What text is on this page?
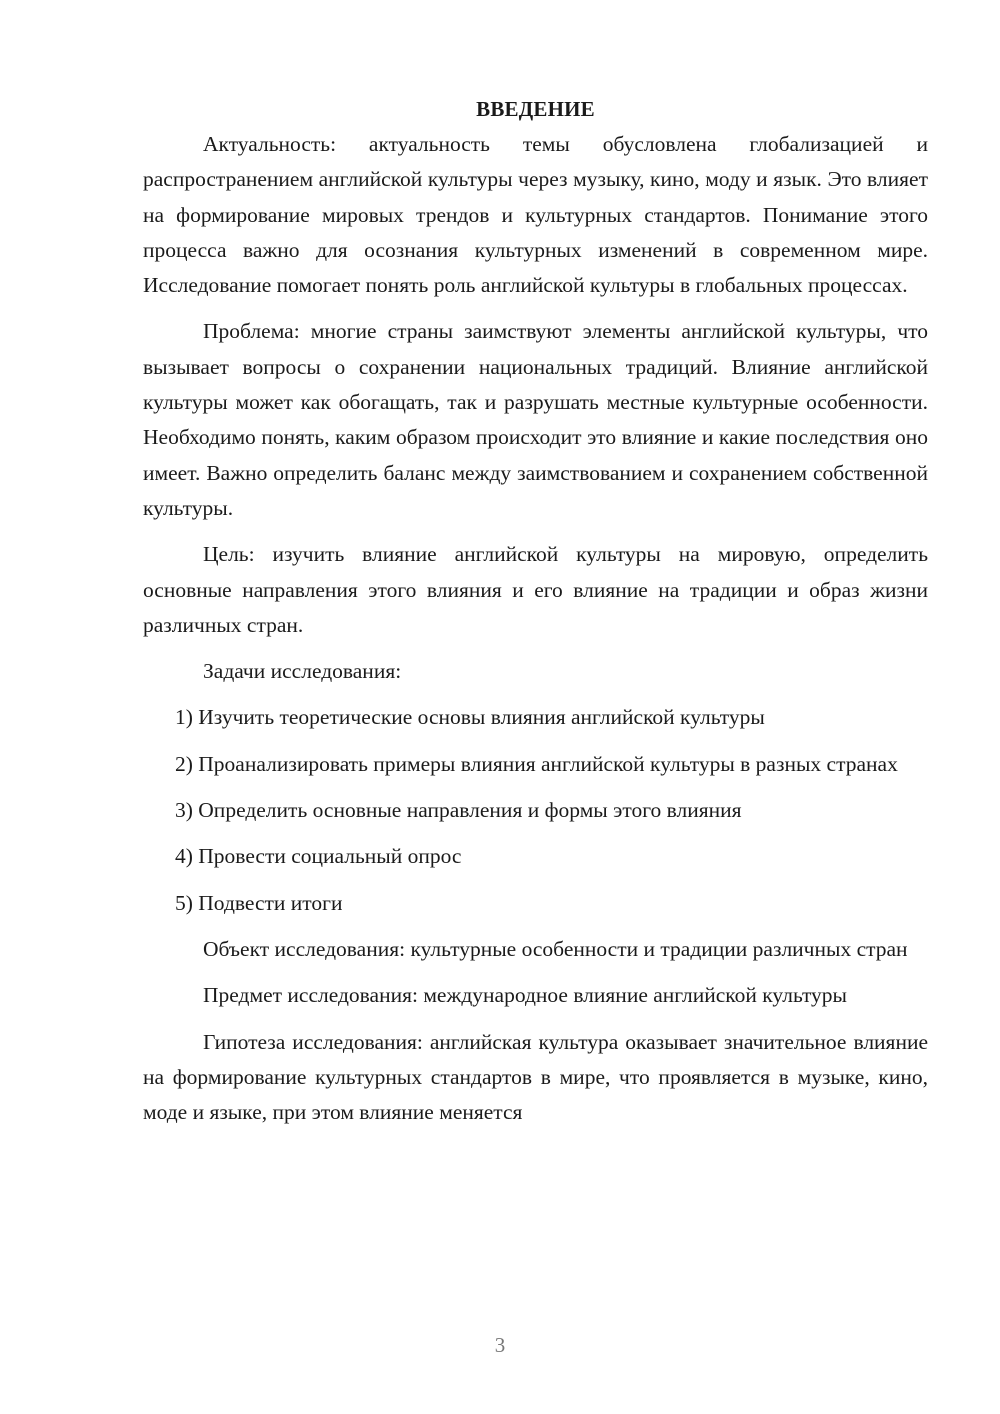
ВВЕДЕНИЕ

Актуальность: актуальность темы обусловлена глобализацией и распространением английской культуры через музыку, кино, моду и язык. Это влияет на формирование мировых трендов и культурных стандартов. Понимание этого процесса важно для осознания культурных изменений в современном мире. Исследование помогает понять роль английской культуры в глобальных процессах.

Проблема: многие страны заимствуют элементы английской культуры, что вызывает вопросы о сохранении национальных традиций. Влияние английской культуры может как обогащать, так и разрушать местные культурные особенности. Необходимо понять, каким образом происходит это влияние и какие последствия оно имеет. Важно определить баланс между заимствованием и сохранением собственной культуры.

Цель: изучить влияние английской культуры на мировую, определить основные направления этого влияния и его влияние на традиции и образ жизни различных стран.

Задачи исследования:

1) Изучить теоретические основы влияния английской культуры

2) Проанализировать примеры влияния английской культуры в разных странах

3) Определить основные направления и формы этого влияния

4) Провести социальный опрос

5) Подвести итоги

Объект исследования: культурные особенности и традиции различных стран

Предмет исследования: международное влияние английской культуры

Гипотеза исследования: английская культура оказывает значительное влияние на формирование культурных стандартов в мире, что проявляется в музыке, кино, моде и языке, при этом влияние меняется

3
